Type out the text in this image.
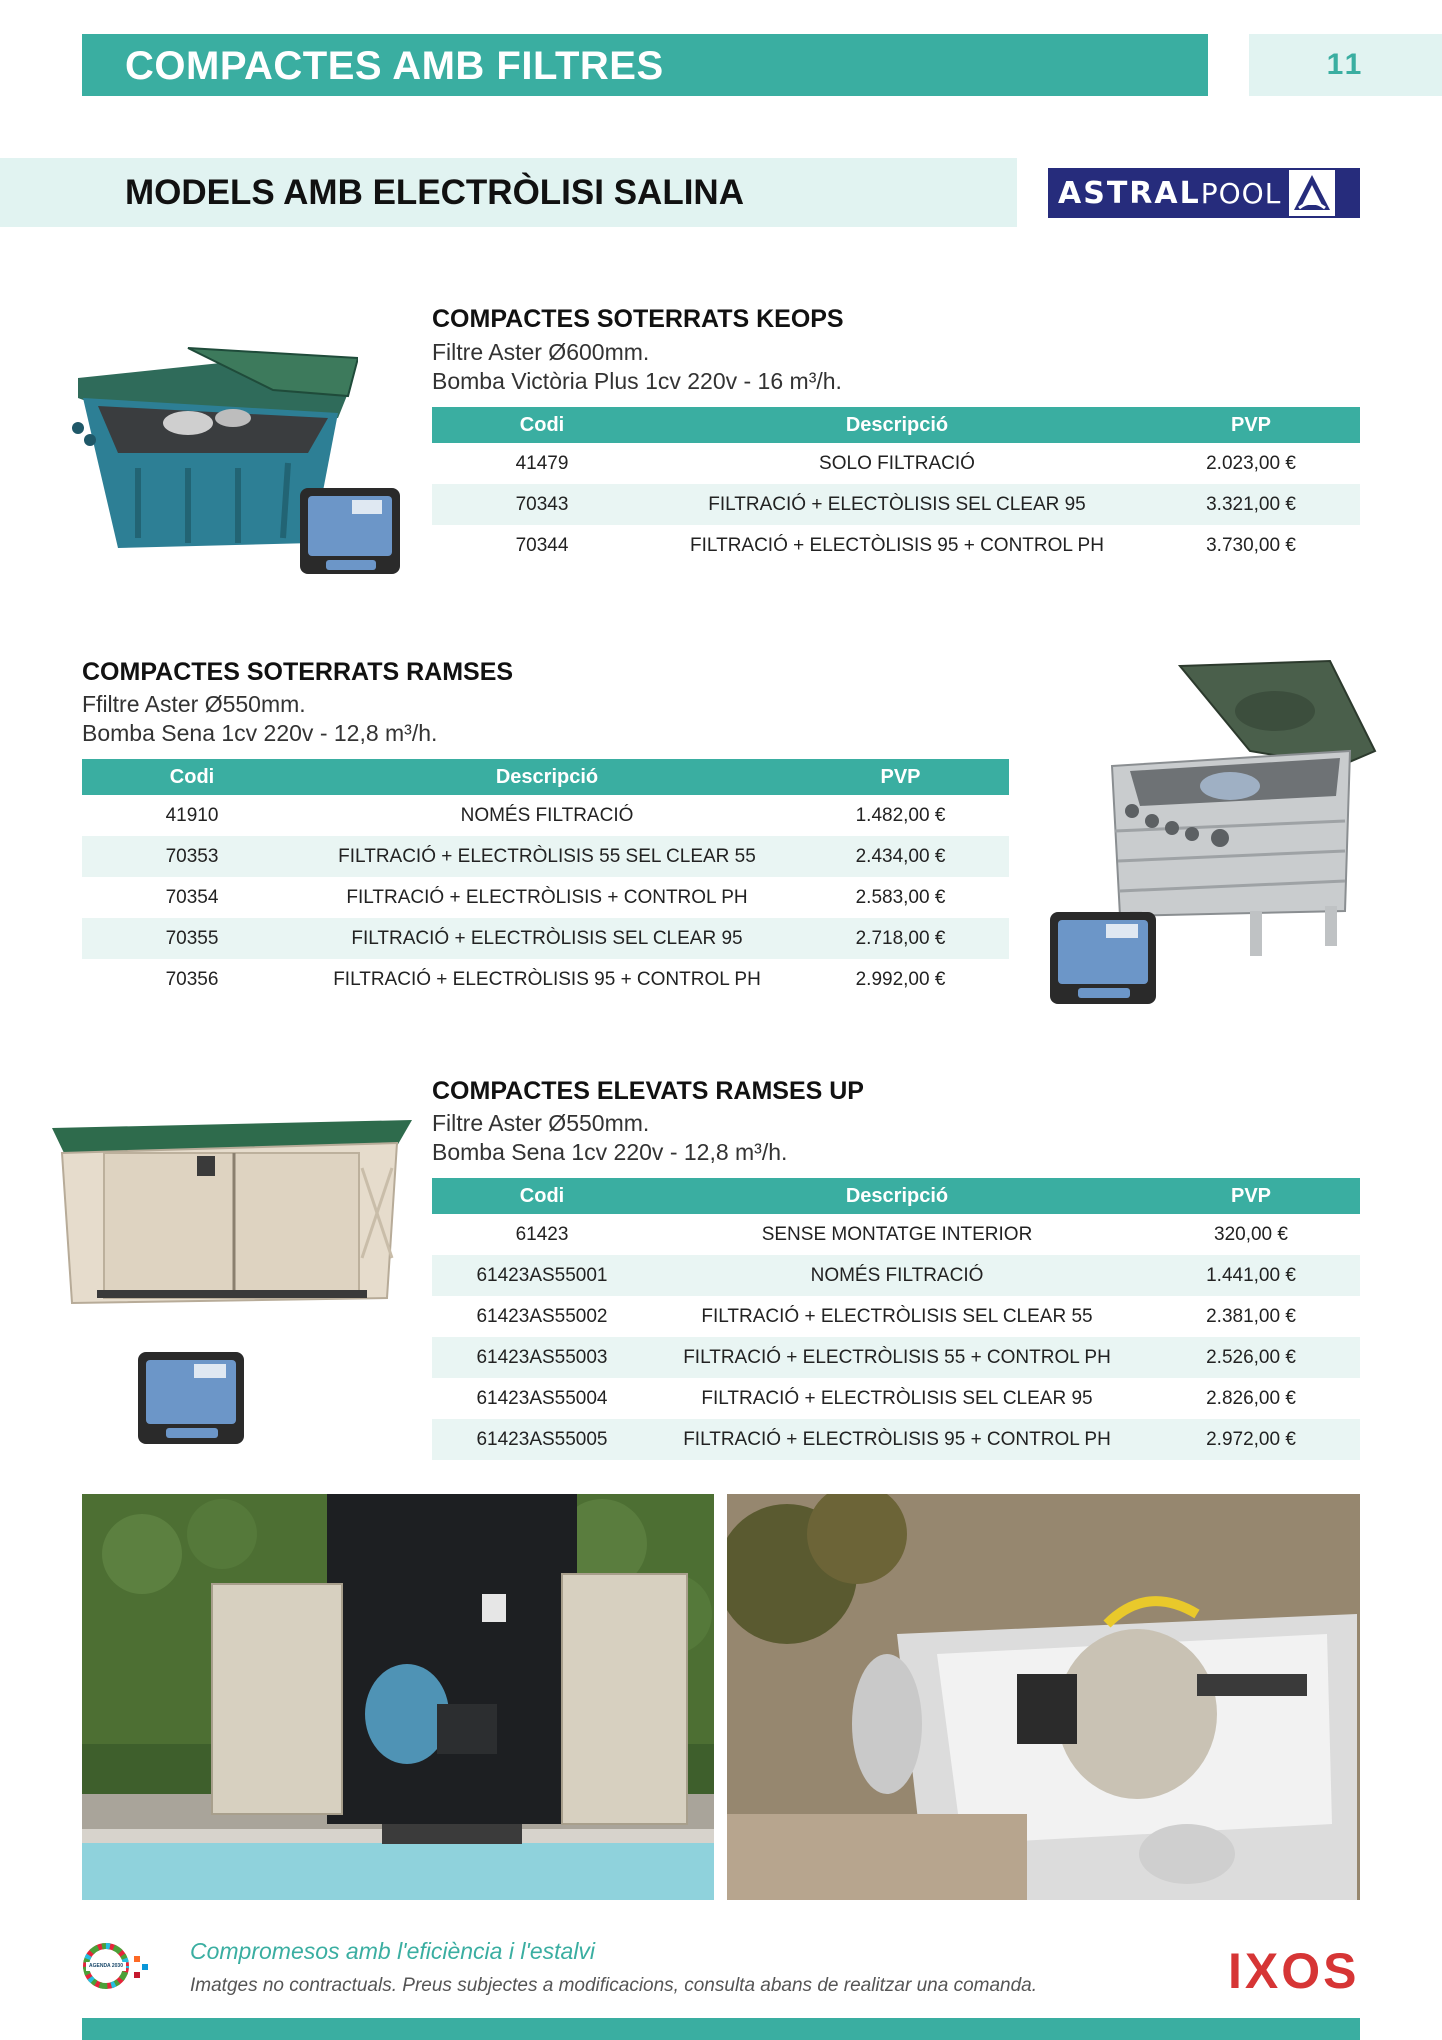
COMPACTES AMB FILTRES	11
MODELS AMB ELECTRÒLISI SALINA	ASTRAL POOL
COMPACTES SOTERRATS KEOPS
Filtre Aster Ø600mm.
Bomba Victòria Plus 1cv 220v - 16 m³/h.
Codi	Descripció	PVP
41479	SOLO FILTRACIÓ	2.023,00 €
70343	FILTRACIÓ + ELECTÒLISIS SEL CLEAR 95	3.321,00 €
70344	FILTRACIÓ + ELECTÒLISIS 95 + CONTROL PH	3.730,00 €
COMPACTES SOTERRATS RAMSES
Ffiltre Aster Ø550mm.
Bomba Sena 1cv 220v - 12,8 m³/h.
Codi	Descripció	PVP
41910	NOMÉS FILTRACIÓ	1.482,00 €
70353	FILTRACIÓ + ELECTRÒLISIS 55 SEL CLEAR 55	2.434,00 €
70354	FILTRACIÓ + ELECTRÒLISIS + CONTROL PH	2.583,00 €
70355	FILTRACIÓ + ELECTRÒLISIS SEL CLEAR 95	2.718,00 €
70356	FILTRACIÓ + ELECTRÒLISIS 95 + CONTROL PH	2.992,00 €
COMPACTES ELEVATS RAMSES UP
Filtre Aster Ø550mm.
Bomba Sena 1cv 220v - 12,8 m³/h.
Codi	Descripció	PVP
61423	SENSE MONTATGE INTERIOR	320,00 €
61423AS55001	NOMÉS FILTRACIÓ	1.441,00 €
61423AS55002	FILTRACIÓ + ELECTRÒLISIS SEL CLEAR 55	2.381,00 €
61423AS55003	FILTRACIÓ + ELECTRÒLISIS 55 + CONTROL PH	2.526,00 €
61423AS55004	FILTRACIÓ + ELECTRÒLISIS SEL CLEAR 95	2.826,00 €
61423AS55005	FILTRACIÓ + ELECTRÒLISIS 95 + CONTROL PH	2.972,00 €
AGENDA 2030
Compromesos amb l'eficiència i l'estalvi
Imatges no contractuals. Preus subjectes a modificacions, consulta abans de realitzar una comanda.	IXOS
